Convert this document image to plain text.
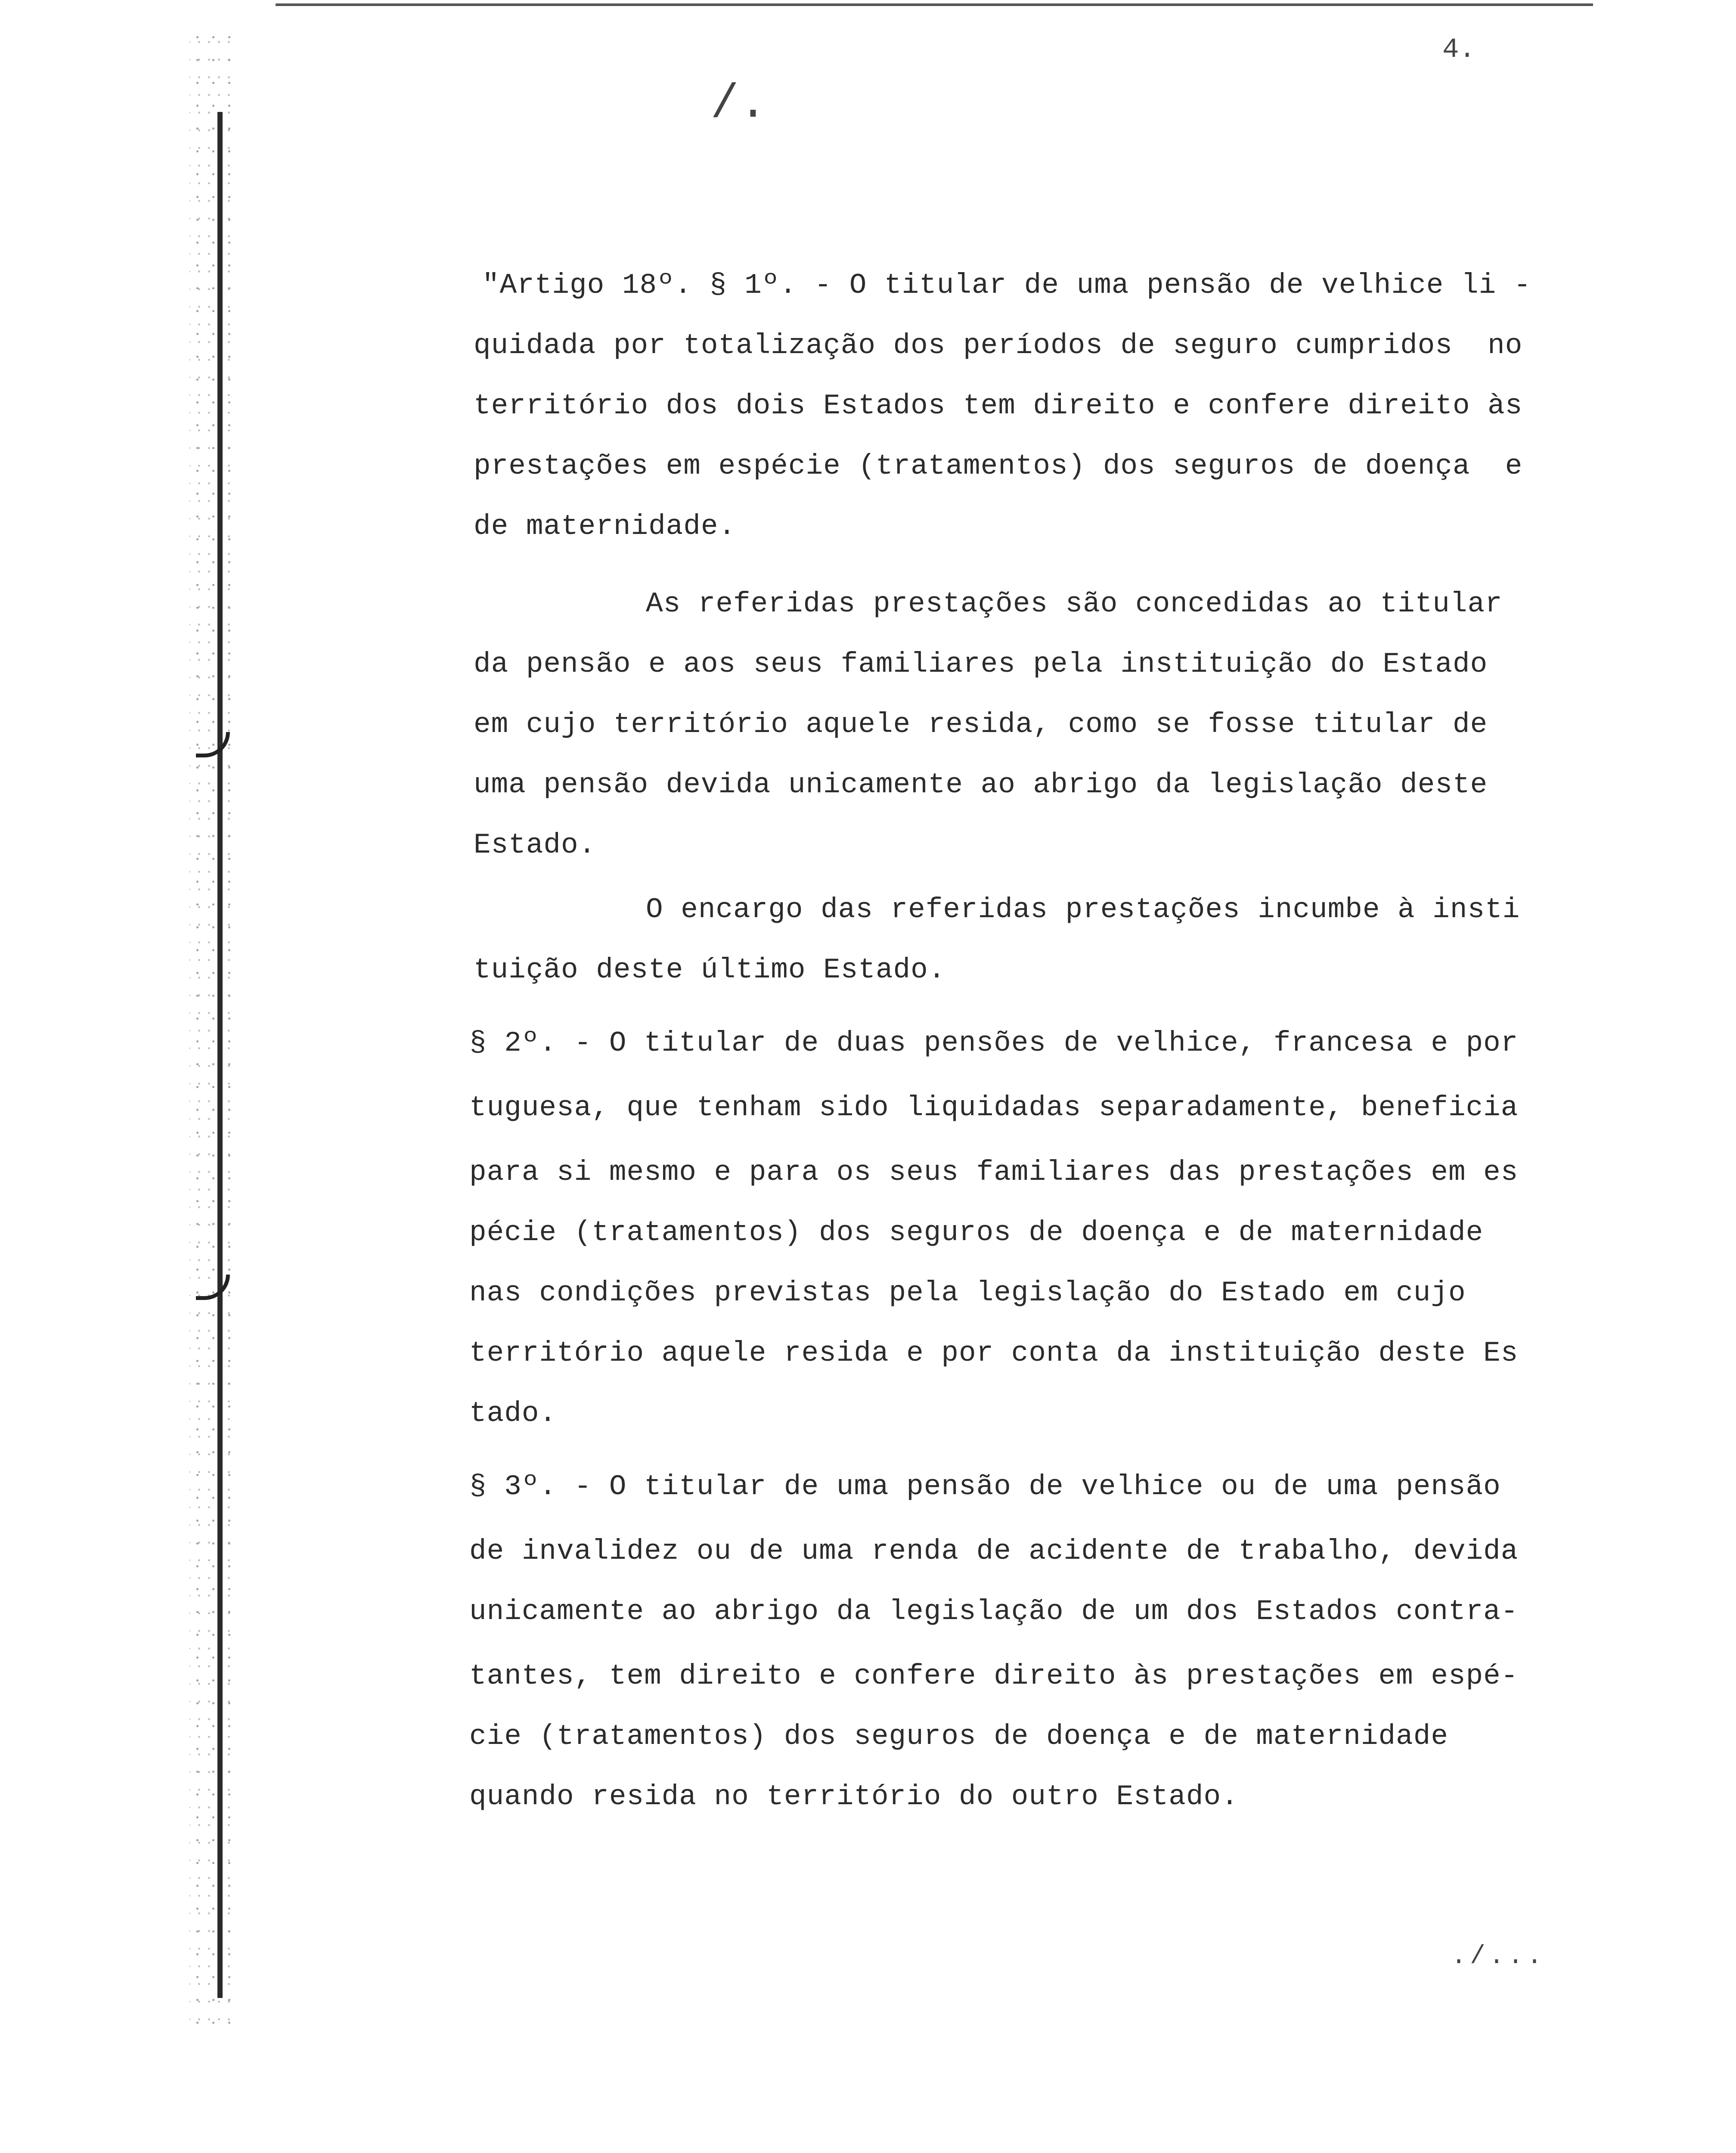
4.
/.

"Artigo 18º. § 1º. - O titular de uma pensão de velhice li -

quidada por totalização dos períodos de seguro cumpridos  no

território dos dois Estados tem direito e confere direito às

prestações em espécie (tratamentos) dos seguros de doença  e

de maternidade.

As referidas prestações são concedidas ao titular

da pensão e aos seus familiares pela instituição do Estado

em cujo território aquele resida, como se fosse titular de

uma pensão devida unicamente ao abrigo da legislação deste

Estado.

O encargo das referidas prestações incumbe à insti

tuição deste último Estado.

§ 2º. - O titular de duas pensões de velhice, francesa e por

tuguesa, que tenham sido liquidadas separadamente, beneficia

para si mesmo e para os seus familiares das prestações em es

pécie (tratamentos) dos seguros de doença e de maternidade

nas condições previstas pela legislação do Estado em cujo

território aquele resida e por conta da instituição deste Es

tado.

§ 3º. - O titular de uma pensão de velhice ou de uma pensão

de invalidez ou de uma renda de acidente de trabalho, devida

unicamente ao abrigo da legislação de um dos Estados contra-

tantes, tem direito e confere direito às prestações em espé-

cie (tratamentos) dos seguros de doença e de maternidade

quando resida no território do outro Estado.

./...
